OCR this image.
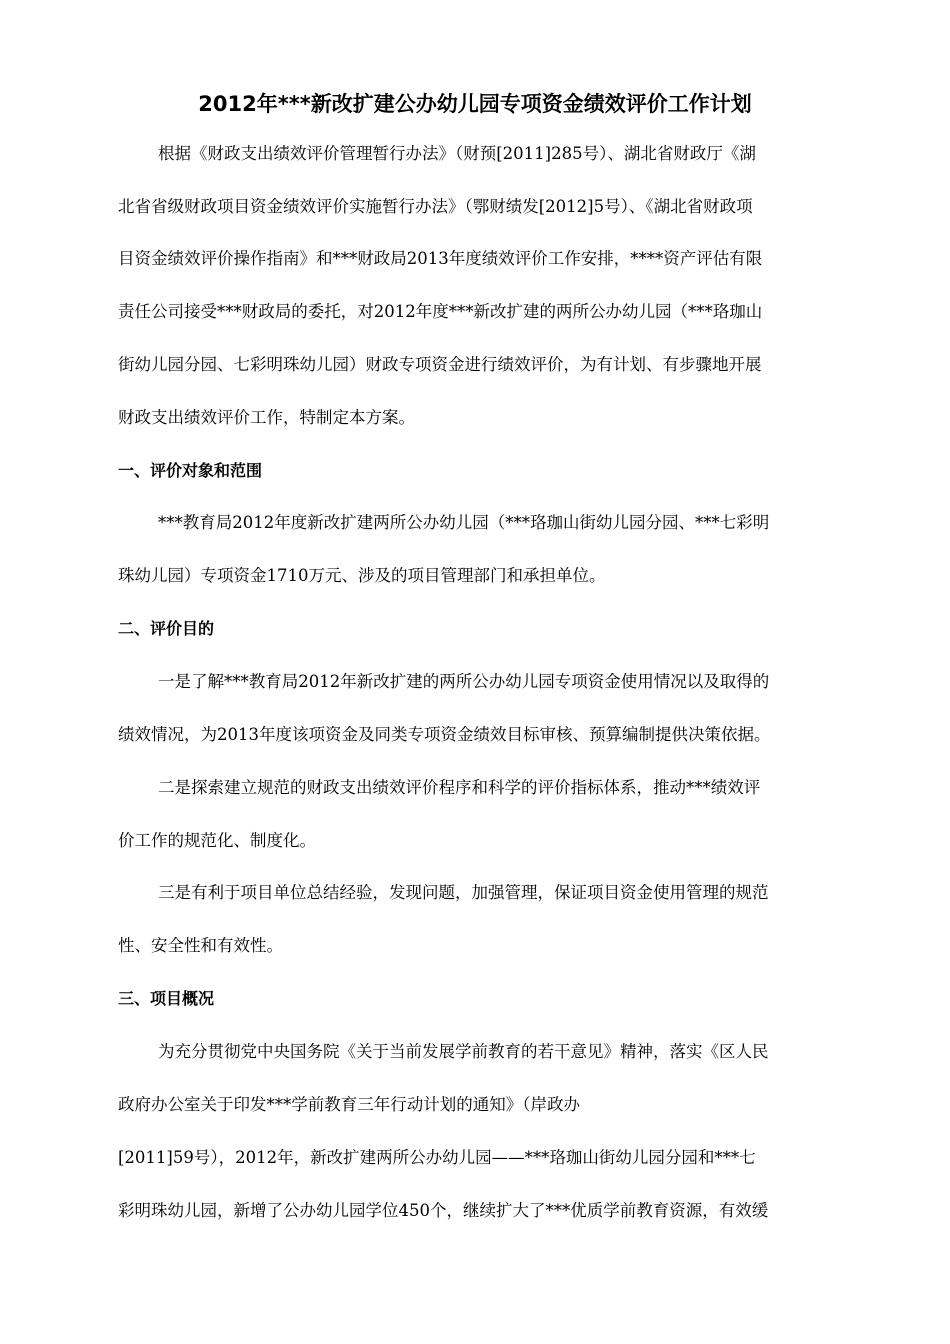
2012年***新改扩建公办幼儿园专项资金绩效评价工作计划
根据《财政支出绩效评价管理暂行办法》（财预[2011]285号）、湖北省财政厅《湖
北省省级财政项目资金绩效评价实施暂行办法》（鄂财绩发[2012]5号）、《湖北省财政项
目资金绩效评价操作指南》和***财政局2013年度绩效评价工作安排，****资产评估有限
责任公司接受***财政局的委托，对2012年度***新改扩建的两所公办幼儿园（***珞珈山
街幼儿园分园、七彩明珠幼儿园）财政专项资金进行绩效评价，为有计划、有步骤地开展
财政支出绩效评价工作，特制定本方案。
一、评价对象和范围
***教育局2012年度新改扩建两所公办幼儿园（***珞珈山街幼儿园分园、***七彩明
珠幼儿园）专项资金1710万元、涉及的项目管理部门和承担单位。
二、评价目的
一是了解***教育局2012年新改扩建的两所公办幼儿园专项资金使用情况以及取得的
绩效情况，为2013年度该项资金及同类专项资金绩效目标审核、预算编制提供决策依据。
二是探索建立规范的财政支出绩效评价程序和科学的评价指标体系，推动***绩效评
价工作的规范化、制度化。
三是有利于项目单位总结经验，发现问题，加强管理，保证项目资金使用管理的规范
性、安全性和有效性。
三、项目概况
为充分贯彻党中央国务院《关于当前发展学前教育的若干意见》精神，落实《区人民
政府办公室关于印发***学前教育三年行动计划的通知》（岸政办
[2011]59号），2012年，新改扩建两所公办幼儿园——***珞珈山街幼儿园分园和***七
彩明珠幼儿园，新增了公办幼儿园学位450个，继续扩大了***优质学前教育资源，有效缓
